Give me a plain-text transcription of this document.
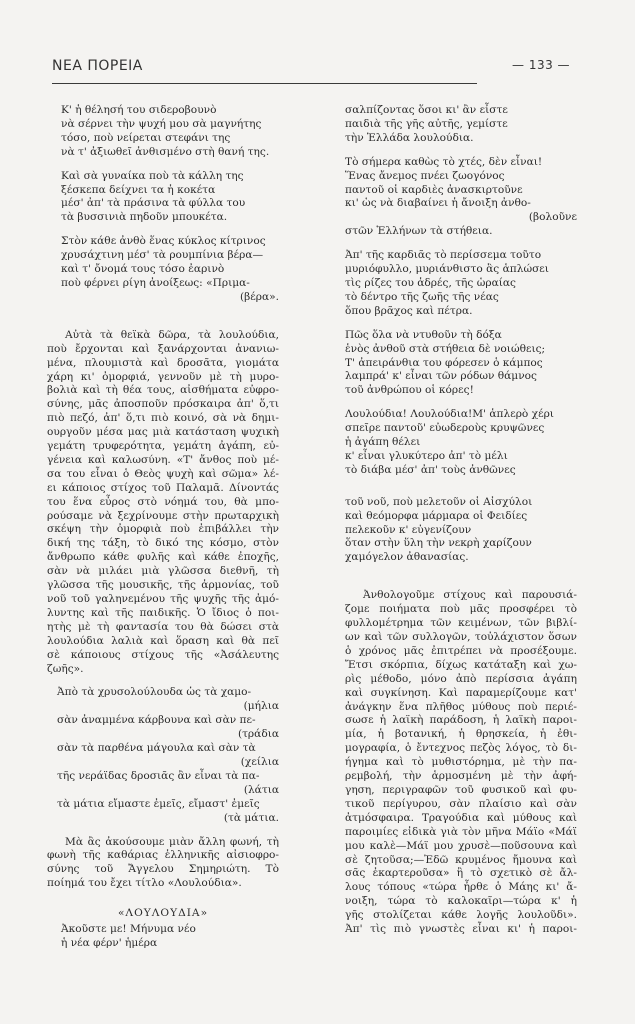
ΝΕΑ ΠΟΡΕΙΑ	— 133 —
Κ' ἡ θέλησή του σιδεροβουνὸ
νὰ σέρνει τὴν ψυχή μου σὰ μαγνήτης
τόσο, ποὺ νείρεται στεφάνι της
νὰ τ' ἀξιωθεῖ ἀνθισμένο στὴ θανή της.
Καὶ σὰ γυναίκα ποὺ τὰ κάλλη της
ξέσκεπα δείχνει τα ἡ κοκέτα
μέσ' ἀπ' τὰ πράσινα τὰ φύλλα του
τὰ βυσσινιὰ πηδοῦν μπουκέτα.
Στὸν κάθε ἀνθὸ ἕνας κύκλος κίτρινος
χρυσάχτινη μέσ' τὰ ρουμπίνια βέρα—
καὶ τ' ὄνομά τους τόσο ἐαρινὸ
ποὺ φέρνει ρίγη ἀνοίξεως: «Πριμα-
(βέρα».
Αὐτὰ τὰ θεϊκὰ δῶρα, τὰ λουλούδια,
ποὺ ἔρχονται καὶ ξανάρχονται ἀνανιω-
μένα, πλουμιστὰ καὶ δροσᾶτα, γιομάτα
χάρη κι' ὀμορφιά, γεννοῦν μὲ τὴ μυρο-
βολιὰ καὶ τὴ θέα τους, αἰσθήματα εὐφρο-
σύνης, μᾶς ἀποσποῦν πρόσκαιρα ἀπ' ὅ,τι
πιὸ πεζό, ἀπ' ὅ,τι πιὸ κοινό, σὰ νὰ δημι-
ουργοῦν μέσα μας μιὰ κατάσταση ψυχικὴ
γεμάτη τρυφερότητα, γεμάτη ἀγάπη, εὐ-
γένεια καὶ καλωσύνη. «Τ' ἄνθος ποὺ μέ-
σα του εἶναι ὁ Θεὸς ψυχὴ καὶ σῶμα» λέ-
ει κάποιος στίχος τοῦ Παλαμᾶ. Δίνοντάς
του ἕνα εὖρος στὸ νόημά του, θὰ μπο-
ρούσαμε νὰ ξεχρίνουμε στὴν πρωταρχικὴ
σκέψη τὴν ὀμορφιὰ ποὺ ἐπιβάλλει τὴν
δική της τάξη, τὸ δικό της κόσμο, στὸν
ἄνθρωπο κάθε φυλῆς καὶ κάθε ἐποχῆς,
σὰν νὰ μιλάει μιὰ γλῶσσα διεθνῆ, τὴ
γλῶσσα τῆς μουσικῆς, τῆς ἁρμονίας, τοῦ
νοῦ τοῦ γαληνεμένου τῆς ψυχῆς τῆς ἀμό-
λυντης καὶ τῆς παιδικῆς. Ὁ ἴδιος ὁ ποι-
ητὴς μὲ τὴ φαντασία του θὰ δώσει στὰ
λουλούδια λαλιὰ καὶ ὅραση καὶ θὰ πεῖ
σὲ κάποιους στίχους τῆς «Ἀσάλευτης
ζωῆς».
Ἀπὸ τὰ χρυσολούλουδα ὡς τὰ χαμο-
(μήλια
σὰν ἀναμμένα κάρβουνα καὶ σὰν πε-
(τράδια
σὰν τὰ παρθένα μάγουλα καὶ σὰν τὰ
(χείλια
τῆς νεράϊδας δροσιᾶς ἂν εἶναι τὰ πα-
(λάτια
τὰ μάτια εἴμαστε ἐμεῖς, εἴμαστ' ἐμεῖς
(τὰ μάτια.
Μὰ ἂς ἀκούσουμε μιὰν ἄλλη φωνή, τὴ
φωνὴ τῆς καθάριας ἑλληνικῆς αἰσιοφρο-
σύνης τοῦ Ἄγγελου Σημηριώτη. Τὸ
ποίημά του ἔχει τίτλο «Λουλούδια».
«ΛΟΥΛΟΥΔΙΑ»
Ἀκοῦστε με! Μήνυμα νέο
ἡ νέα φέρν' ἡμέρα
σαλπίζοντας ὅσοι κι' ἂν εἶστε
παιδιὰ τῆς γῆς αὐτῆς, γεμίστε
τὴν Ἑλλάδα λουλούδια.
Τὸ σήμερα καθὼς τὸ χτές, δὲν εἶναι!
Ἕνας ἄνεμος πνέει ζωογόνος
παντοῦ οἱ καρδιὲς ἀνασκιρτοῦνε
κι' ὡς νὰ διαβαίνει ἡ ἄνοιξη ἀνθο-
(βολοῦνε
στῶν Ἑλλήνων τὰ στήθεια.
Ἀπ' τῆς καρδιᾶς τὸ περίσσεμα τοῦτο
μυριόφυλλο, μυριάνθιστο ἂς ἁπλώσει
τὶς ρίζες του ἁδρές, τῆς ὡραίας
τὸ δέντρο τῆς ζωῆς τῆς νέας
ὅπου βρᾶχος καὶ πέτρα.
Πῶς ὅλα νὰ ντυθοῦν τὴ δόξα
ἑνὸς ἀνθοῦ στὰ στήθεια δὲ νοιώθεις;
Τ' ἀπειράνθια του φόρεσεν ὁ κάμπος
λαμπρά' κ' εἶναι τῶν ρόδων θάμνος
τοῦ ἀνθρώπου οἱ κόρες!
Λουλούδια! Λουλούδια!Μ' ἁπλερὸ χέρι
σπεῖρε παντοῦ' εὐωδεροὺς κρυψῶνες
ἡ ἀγάπη θέλει
κ' εἶναι γλυκύτερο ἀπ' τὸ μέλι
τὸ διάβα μέσ' ἀπ' τοὺς ἀνθῶνες
τοῦ νοῦ, ποὺ μελετοῦν οἱ Αἰσχύλοι
καὶ θεόμορφα μάρμαρα οἱ Φειδίες
πελεκοῦν κ' εὐγενίζουν
ὅταν στὴν ὕλη τὴν νεκρὴ χαρίζουν
χαμόγελον ἀθανασίας.
Ἀνθολογοῦμε στίχους καὶ παρουσιά-
ζομε ποιήματα ποὺ μᾶς προσφέρει τὸ
φυλλομέτρημα τῶν κειμένων, τῶν βιβλί-
ων καὶ τῶν συλλογῶν, τοὐλάχιστον ὅσων
ὁ χρόνος μᾶς ἐπιτρέπει νὰ προσέξουμε.
Ἔτσι σκόρπια, δίχως κατάταξη καὶ χω-
ρὶς μέθοδο, μόνο ἀπὸ περίσσια ἀγάπη
καὶ συγκίνηση. Καὶ παραμερίζουμε κατ'
ἀνάγκην ἕνα πλῆθος μύθους ποὺ περιέ-
σωσε ἡ λαϊκὴ παράδοση, ἡ λαϊκὴ παροι-
μία, ἡ βοτανική, ἡ θρησκεία, ἡ ἐθι-
μογραφία, ὁ ἔντεχνος πεζὸς λόγος, τὸ δι-
ήγημα καὶ τὸ μυθιστόρημα, μὲ τὴν πα-
ρεμβολή, τὴν ἁρμοσμένη μὲ τὴν ἀφή-
γηση, περιγραφῶν τοῦ φυσικοῦ καὶ φυ-
τικοῦ περίγυρου, σὰν πλαίσιο καὶ σὰν
ἀτμόσφαιρα. Τραγούδια καὶ μύθους καὶ
παροιμίες εἰδικὰ γιὰ τὸν μῆνα Μάϊο «Μάϊ
μου καλὲ—Μάϊ μου χρυσὲ—ποῦσουνα καὶ
σὲ ζητοῦσα;—Ἐδῶ κρυμένος ἤμουνα καὶ
σᾶς ἐκαρτεροῦσα» ἢ τὸ σχετικὸ σὲ ἄλ-
λους τόπους «τώρα ἦρθε ὁ Μάης κι' ἄ-
νοιξη, τώρα τὸ καλοκαῖρι—τώρα κ' ἡ
γῆς στολίζεται κάθε λογῆς λουλοῦδι».
Ἀπ' τὶς πιὸ γνωστὲς εἶναι κι' ἡ παροι-
